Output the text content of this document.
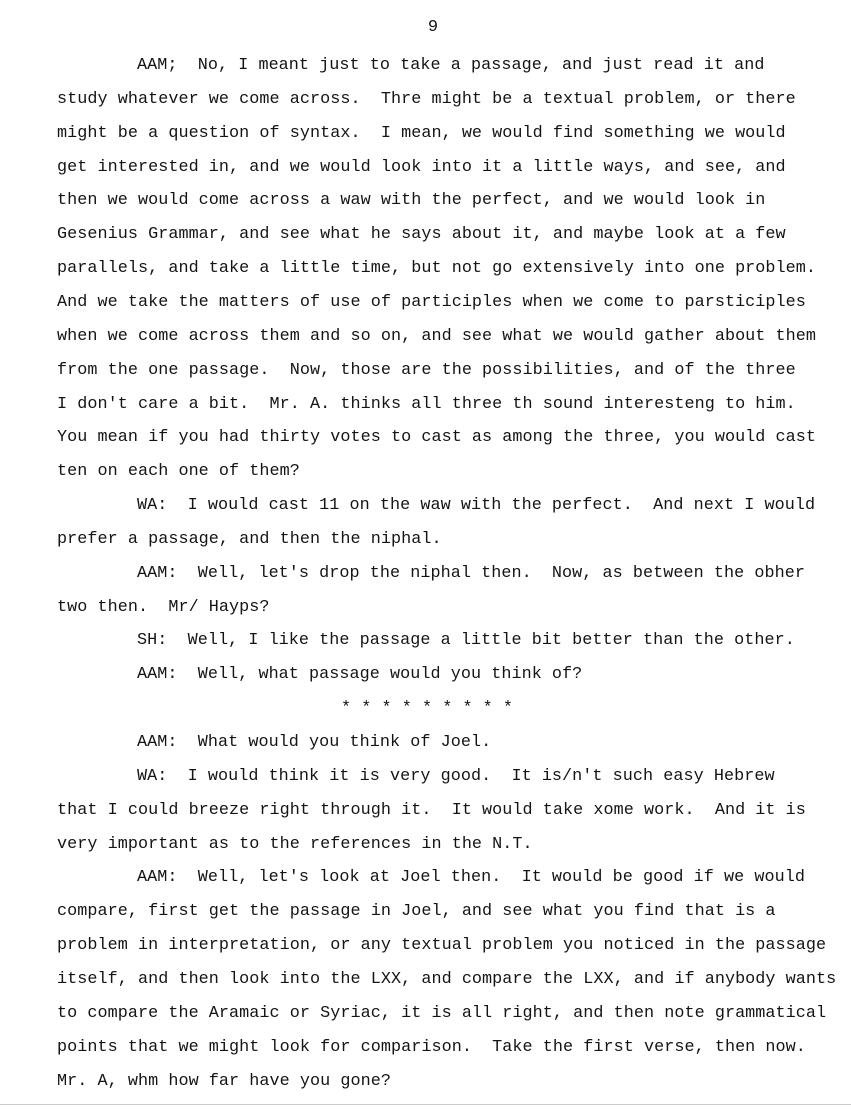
9
AAM;  No, I meant just to take a passage, and just read it and
study whatever we come across.  Thre might be a textual problem, or there
might be a question of syntax.  I mean, we would find something we would
get interested in, and we would look into it a little ways, and see, and
then we would come across a waw with the perfect, and we would look in
Gesenius Grammar, and see what he says about it, and maybe look at a few
parallels, and take a little time, but not go extensively into one problem.
And we take the matters of use of participles when we come to parsticiples
when we come across them and so on, and see what we would gather about them
from the one passage.  Now, those are the possibilities, and of the three
I don't care a bit.  Mr. A. thinks all three th sound interesteng to him.
You mean if you had thirty votes to cast as among the three, you would cast
ten on each one of them?
WA:  I would cast 11 on the waw with the perfect.  And next I would
prefer a passage, and then the niphal.
AAM:  Well, let's drop the niphal then.  Now, as between the obher
two then.  Mr/ Hayps?
SH:  Well, I like the passage a little bit better than the other.
AAM:  Well, what passage would you think of?
* * * * * * * * *
AAM:  What would you think of Joel.
WA:  I would think it is very good.  It is/n't such easy Hebrew
that I could breeze right through it.  It would take xome work.  And it is
very important as to the references in the N.T.
AAM:  Well, let's look at Joel then.  It would be good if we would
compare, first get the passage in Joel, and see what you find that is a
problem in interpretation, or any textual problem you noticed in the passage
itself, and then look into the LXX, and compare the LXX, and if anybody wants
to compare the Aramaic or Syriac, it is all right, and then note grammatical
points that we might look for comparison.  Take the first verse, then now.
Mr. A, whm how far have you gone?
